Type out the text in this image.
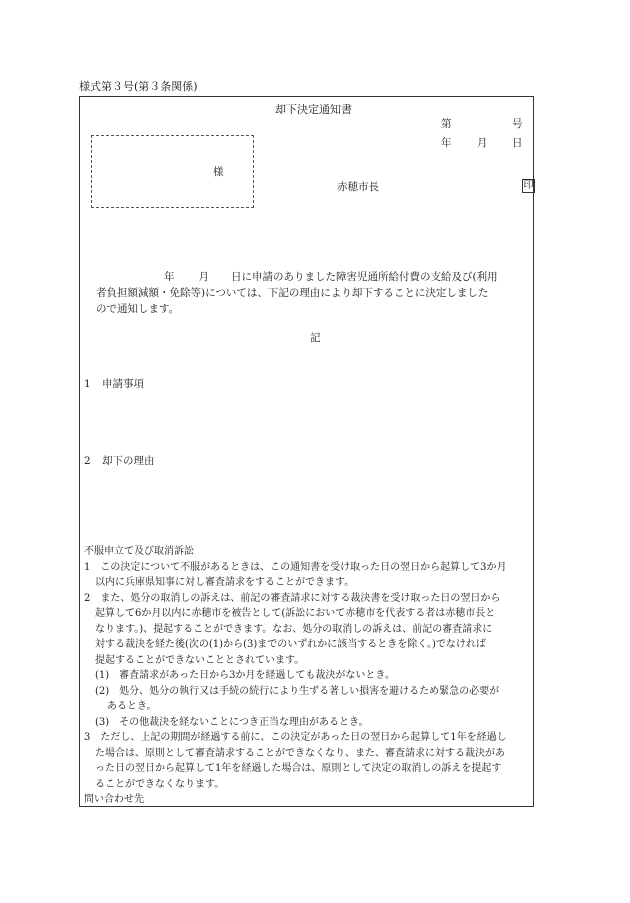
様式第３号(第３条関係)
却下決定通知書
第	号
年 月 日
様
赤穂市長	印

年 月 日に申請のありました障害児通所給付費の支給及び(利用

者負担額減額・免除等)については、下記の理由により却下することに決定しました

ので通知します。

記
1 申請事項
2 却下の理由
不服申立て及び取消訴訟
1　この決定について不服があるときは、この通知書を受け取った日の翌日から起算して3か月
以内に兵庫県知事に対し審査請求をすることができます。
2　また、処分の取消しの訴えは、前記の審査請求に対する裁決書を受け取った日の翌日から
起算して6か月以内に赤穂市を被告として(訴訟において赤穂市を代表する者は赤穂市長と
なります。)、提起することができます。なお、処分の取消しの訴えは、前記の審査請求に
対する裁決を経た後(次の(1)から(3)までのいずれかに該当するときを除く。)でなければ
提起することができないこととされています。
(1)　審査請求があった日から3か月を経過しても裁決がないとき。
(2)　処分、処分の執行又は手続の続行により生ずる著しい損害を避けるため緊急の必要が
あるとき。
(3)　その他裁決を経ないことにつき正当な理由があるとき。
3　ただし、上記の期間が経過する前に、この決定があった日の翌日から起算して1年を経過し
た場合は、原則として審査請求することができなくなり、また、審査請求に対する裁決があ
った日の翌日から起算して1年を経過した場合は、原則として決定の取消しの訴えを提起す
ることができなくなります。
問い合わせ先
